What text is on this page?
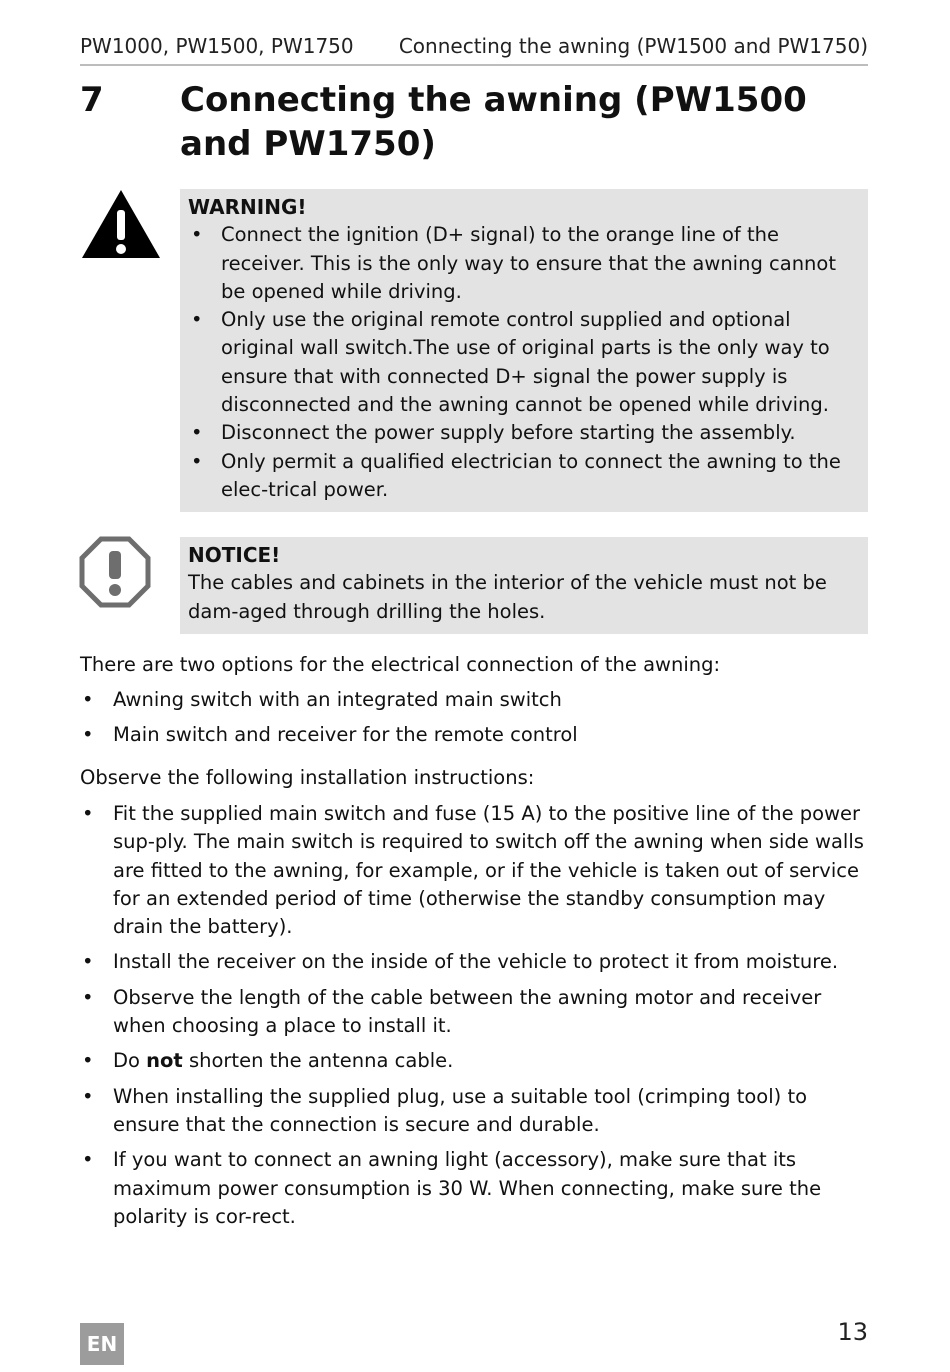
PW1000, PW1500, PW1750 Connecting the awning (PW1500 and PW1750)
7	Connecting the awning (PW1500 and PW1750)
WARNING!
• Connect the ignition (D+ signal) to the orange line of the receiver. This is the only way to ensure that the awning cannot be opened while driving.
• Only use the original remote control supplied and optional original wall switch.The use of original parts is the only way to ensure that with connected D+ signal the power supply is disconnected and the awning cannot be opened while driving.
• Disconnect the power supply before starting the assembly.
• Only permit a qualified electrician to connect the awning to the elec-trical power.
NOTICE!
The cables and cabinets in the interior of the vehicle must not be dam-aged through drilling the holes.
There are two options for the electrical connection of the awning:
• Awning switch with an integrated main switch
• Main switch and receiver for the remote control
Observe the following installation instructions:
• Fit the supplied main switch and fuse (15 A) to the positive line of the power sup-ply. The main switch is required to switch off the awning when side walls are fitted to the awning, for example, or if the vehicle is taken out of service for an extended period of time (otherwise the standby consumption may drain the battery).
• Install the receiver on the inside of the vehicle to protect it from moisture.
• Observe the length of the cable between the awning motor and receiver when choosing a place to install it.
• Do not shorten the antenna cable.
• When installing the supplied plug, use a suitable tool (crimping tool) to ensure that the connection is secure and durable.
• If you want to connect an awning light (accessory), make sure that its maximum power consumption is 30 W. When connecting, make sure the polarity is cor-rect.
EN	13
